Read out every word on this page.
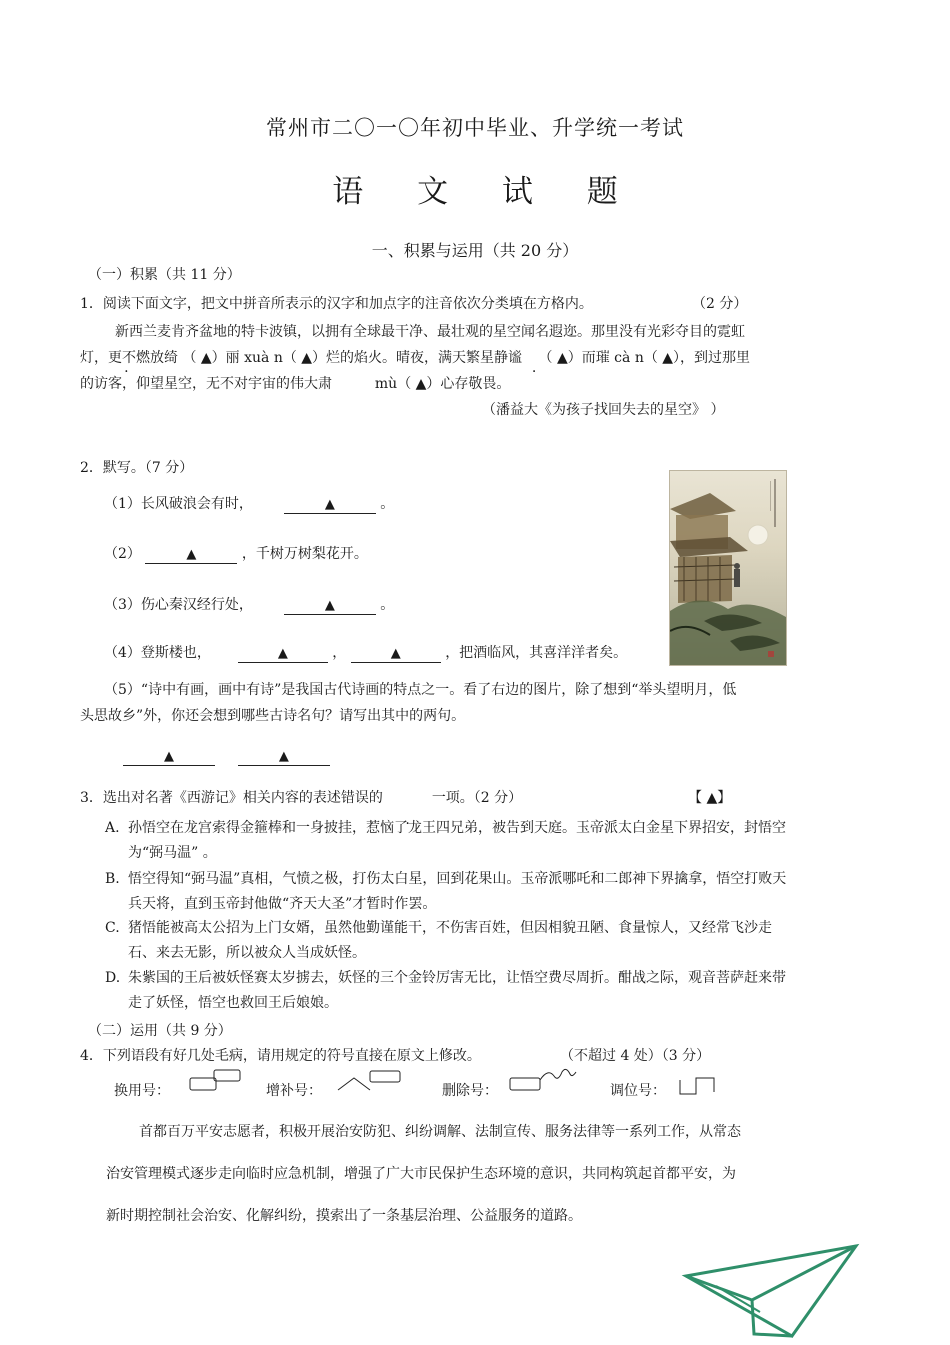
常州市二〇一〇年初中毕业、升学统一考试
语 文 试 题
一、积累与运用（共 20 分）
（一）积累（共 11 分）
1．阅读下面文字，把文中拼音所表示的汉字和加点字的注音依次分类填在方格内。	（2 分）
新西兰麦肯齐盆地的特卡波镇，以拥有全球最干净、最壮观的星空闻名遐迩。那里没有光彩夺目的霓虹
灯，更不燃放绮 . （ ▲）丽 xuà n（ ▲）烂的焰火。晴夜，满天繁星静谧 . （ ▲）而璀 cà n（ ▲），到过那里
的访客，仰望星空，无不对宇宙的伟大肃	mù（ ▲）心存敬畏。
（潘益大《为孩子找回失去的星空》 ）
2．默写。（7 分）
（1）长风破浪会有时，	▲	。
（2）	▲	，千树万树梨花开。
（3）伤心秦汉经行处，	▲	。
（4）登斯楼也，	▲	，	▲	，把酒临风，其喜洋洋者矣。
（5）“诗中有画，画中有诗”是我国古代诗画的特点之一。看了右边的图片，除了想到“举头望明月，低
头思故乡”外，你还会想到哪些古诗名句？请写出其中的两句。
▲	▲
3．选出对名著《西游记》相关内容的表述错误的	一项。（2 分）	【 ▲】
A. 孙悟空在龙宫索得金箍棒和一身披挂，惹恼了龙王四兄弟，被告到天庭。玉帝派太白金星下界招安，封悟空为“弼马温” 。
B. 悟空得知“弼马温”真相，气愤之极，打伤太白星，回到花果山。玉帝派哪吒和二郎神下界擒拿，悟空打败天兵天将，直到玉帝封他做“齐天大圣”才暂时作罢。
C. 猪悟能被高太公招为上门女婿，虽然他勤谨能干，不伤害百姓，但因相貌丑陋、食量惊人，又经常飞沙走石、来去无影，所以被众人当成妖怪。
D. 朱紫国的王后被妖怪赛太岁掳去，妖怪的三个金铃厉害无比，让悟空费尽周折。酣战之际，观音菩萨赶来带走了妖怪，悟空也救回王后娘娘。
（二）运用（共 9 分）
4．下列语段有好几处毛病，请用规定的符号直接在原文上修改。	（不超过 4 处）（3 分）
换用号：	增补号：	删除号：	调位号：
首都百万平安志愿者，积极开展治安防犯、纠纷调解、法制宣传、服务法律等一系列工作，从常态
治安管理模式逐步走向临时应急机制，增强了广大市民保护生态环境的意识，共同构筑起首都平安，为
新时期控制社会治安、化解纠纷，摸索出了一条基层治理、公益服务的道路。
